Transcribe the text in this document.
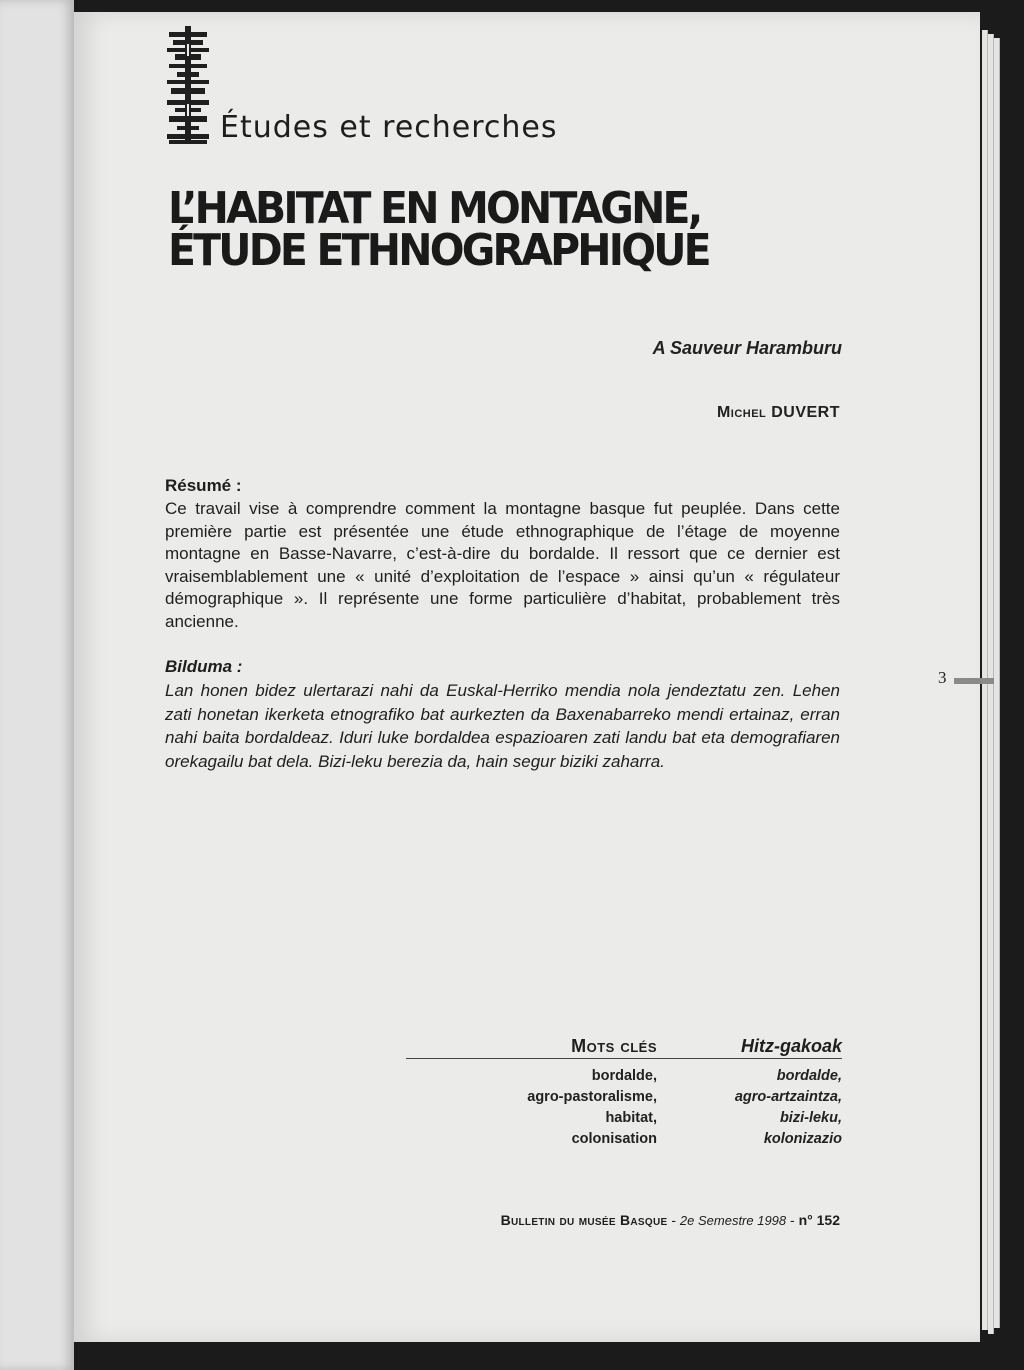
Études et recherches
L’HABITAT EN MONTAGNE,
ÉTUDE ETHNOGRAPHIQUE
A Sauveur Haramburu
Michel DUVERT
Résumé :

Ce travail vise à comprendre comment la montagne basque fut peuplée. Dans cette première partie est présentée une étude ethnographique de l’étage de moyenne montagne en Basse-Navarre, c’est-à-dire du bordalde. Il ressort que ce dernier est vraisemblablement une « unité d’exploitation de l’espace » ainsi qu’un « régulateur démographique ». Il représente une forme particulière d’habitat, probablement très ancienne.

Bilduma :

Lan honen bidez ulertarazi nahi da Euskal-Herriko mendia nola jendeztatu zen. Lehen zati honetan ikerketa etnografiko bat aurkezten da Baxenabarreko mendi ertainaz, erran nahi baita bordaldeaz. Iduri luke bordaldea espazioaren zati landu bat eta demografiaren orekagailu bat dela. Bizi-leku berezia da, hain segur biziki zaharra.

3
Mots clés
bordalde,
agro-pastoralisme,
habitat,
colonisation
Hitz-gakoak
bordalde,
agro-artzaintza,
bizi-leku,
kolonizazio
Bulletin du musée Basque - 2e Semestre 1998 - n° 152
